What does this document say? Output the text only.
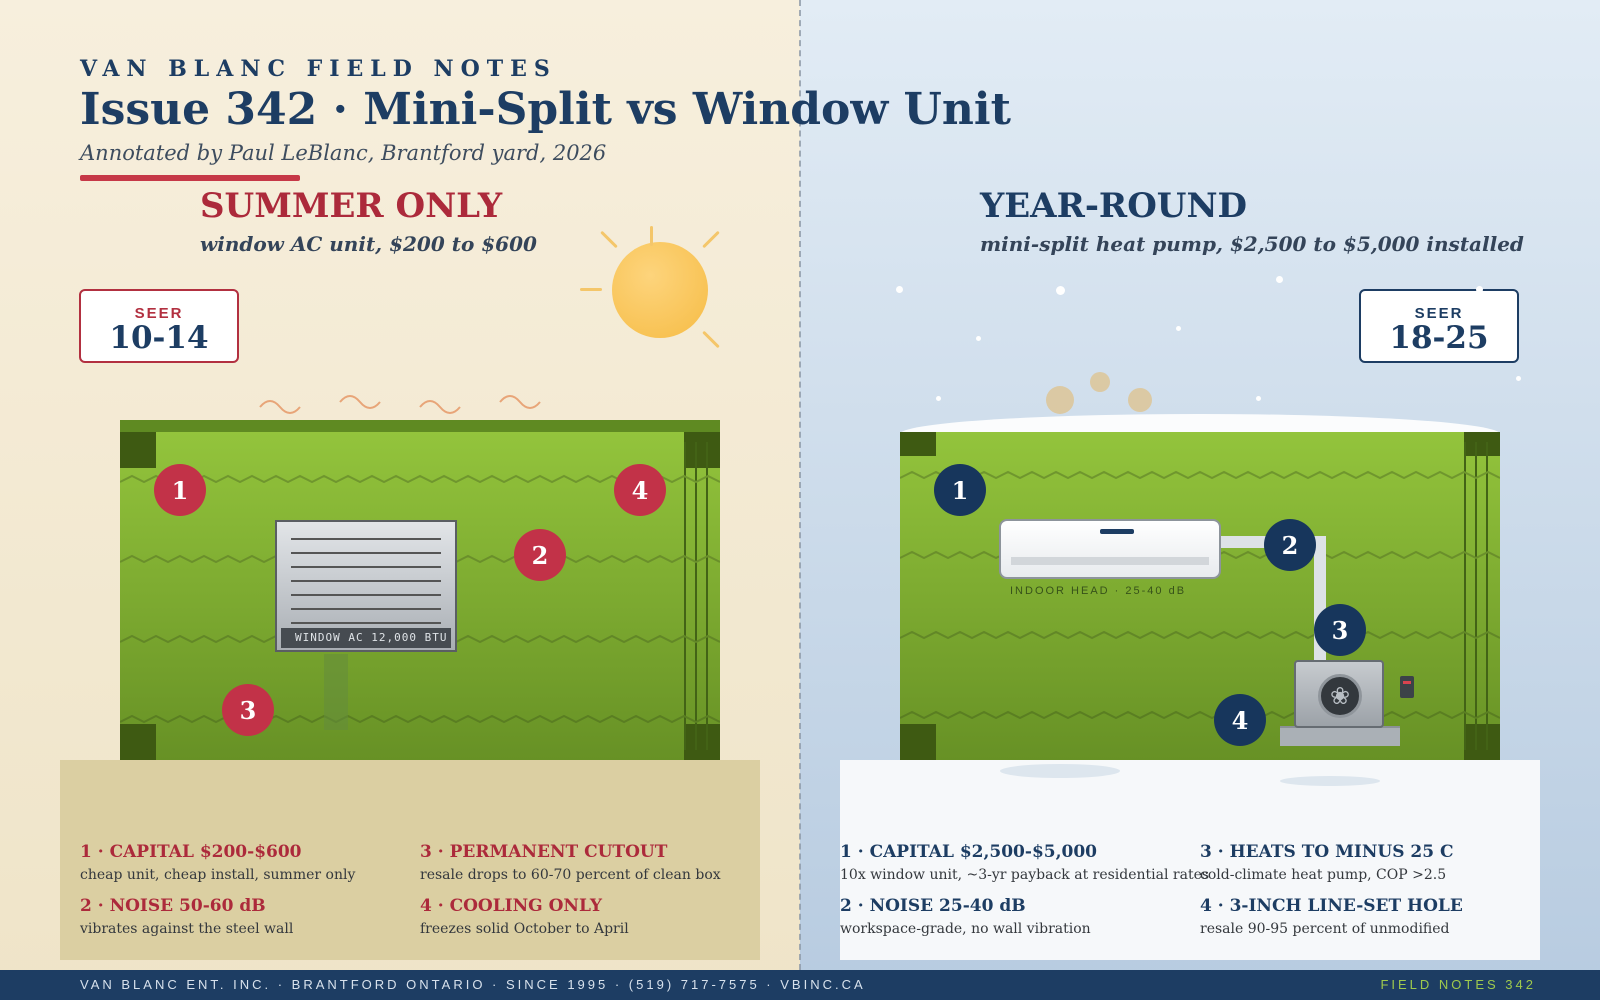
VAN BLANC FIELD NOTES
Issue 342 · Mini-Split vs Window Unit
Annotated by Paul LeBlanc, Brantford yard, 2026
SUMMER ONLY
window AC unit, $200 to $600
YEAR-ROUND
mini-split heat pump, $2,500 to $5,000 installed
SEER
10-14
SEER
18-25
WINDOW AC 12,000 BTU
1
2
3
4
INDOOR HEAD · 25-40 dB
❀
1
2
3
4
1 · CAPITAL $200-$600
cheap unit, cheap install, summer only
2 · NOISE 50-60 dB
vibrates against the steel wall
3 · PERMANENT CUTOUT
resale drops to 60-70 percent of clean box
4 · COOLING ONLY
freezes solid October to April
1 · CAPITAL $2,500-$5,000
10x window unit, ~3-yr payback at residential rates
2 · NOISE 25-40 dB
workspace-grade, no wall vibration
3 · HEATS TO MINUS 25 C
cold-climate heat pump, COP >2.5
4 · 3-INCH LINE-SET HOLE
resale 90-95 percent of unmodified
VAN BLANC ENT. INC. · BRANTFORD ONTARIO · SINCE 1995 · (519) 717-7575 · VBINC.CA	FIELD NOTES 342
